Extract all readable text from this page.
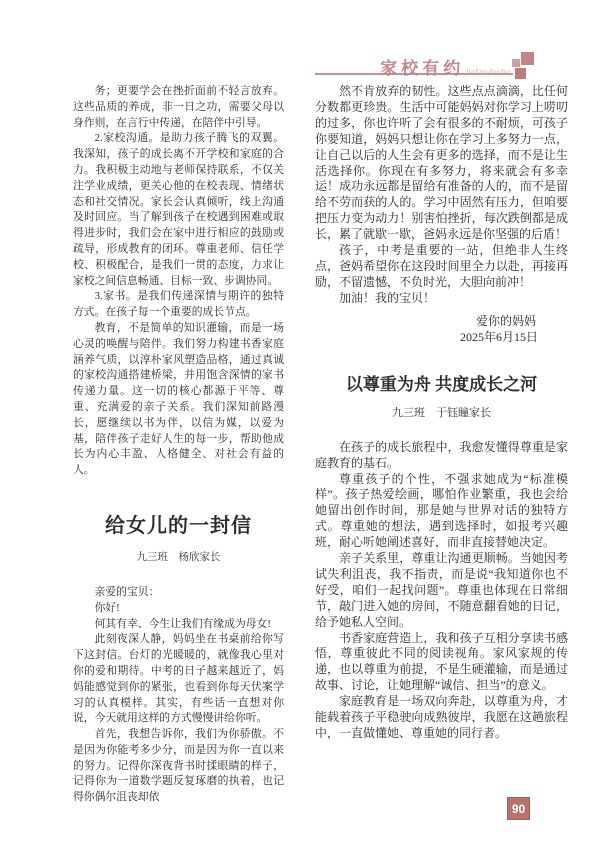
家校有约JiaXiaoYouYue

务；更要学会在挫折面前不轻言放弃。这些品质的养成，非一日之功，需要父母以身作则，在言行中传递，在陪伴中引导。

2.家校沟通。是助力孩子腾飞的双翼。我深知，孩子的成长离不开学校和家庭的合力。我积极主动地与老师保持联系，不仅关注学业成绩，更关心他的在校表现、情绪状态和社交情况。家长会认真倾听，线上沟通及时回应。当了解到孩子在校遇到困难或取得进步时，我们会在家中进行相应的鼓励或疏导，形成教育的闭环。尊重老师、信任学校、积极配合，是我们一贯的态度，力求让家校之间信息畅通、目标一致、步调协同。

3.家书。是我们传递深情与期许的独特方式。在孩子每一个重要的成长节点。

教育，不是简单的知识灌输，而是一场心灵的唤醒与陪伴。我们努力构建书香家庭涵养气质，以淳朴家风塑造品格，通过真诚的家校沟通搭建桥梁，并用饱含深情的家书传递力量。这一切的核心都源于平等、尊重、充满爱的亲子关系。我们深知前路漫长，愿继续以书为伴，以信为媒，以爱为基，陪伴孩子走好人生的每一步，帮助他成长为内心丰盈、人格健全、对社会有益的人。

给女儿的一封信
九三班　杨欣家长

亲爱的宝贝：

你好!

何其有幸、今生让我们有缘成为母女!

此刻夜深人静，妈妈坐在书桌前给你写下这封信。台灯的光暖暖的，就像我心里对你的爱和期待。中考的日子越来越近了，妈妈能感觉到你的紧张，也看到你每天伏案学习的认真模样。其实，有些话一直想对你说，今天就用这样的方式慢慢讲给你听。

首先，我想告诉你，我们为你骄傲。不是因为你能考多少分，而是因为你一直以来的努力。记得你深夜背书时揉眼睛的样子，记得你为一道数学题反复琢磨的执着，也记得你偶尔沮丧却依

然不肯放弃的韧性。这些点点滴滴，比任何分数都更珍贵。生活中可能妈妈对你学习上唠叨的过多，你也许听了会有很多的不耐烦，可孩子你要知道，妈妈只想让你在学习上多努力一点，让自己以后的人生会有更多的选择，而不是让生活选择你。你现在有多努力，将来就会有多幸运！成功永远都是留给有准备的人的，而不是留给不劳而获的人的。学习中固然有压力，但咱要把压力变为动力！别害怕挫折，每次跌倒都是成长，累了就歇一歇，爸妈永远是你坚强的后盾！

孩子，中考是重要的一站，但绝非人生终点，爸妈希望你在这段时间里全力以赴，再接再励，不留遗憾，不负时光，大胆向前冲！

加油！我的宝贝！

爱你的妈妈
2025年6月15日
以尊重为舟 共度成长之河
九三班　于钰瞳家长

在孩子的成长旅程中，我愈发懂得尊重是家庭教育的基石。

尊重孩子的个性，不强求她成为“标准模样”。孩子热爱绘画，哪怕作业繁重，我也会给她留出创作时间，那是她与世界对话的独特方式。尊重她的想法，遇到选择时，如报考兴趣班，耐心听她阐述喜好，而非直接替她决定。

亲子关系里，尊重让沟通更顺畅。当她因考试失利沮丧，我不指责，而是说“我知道你也不好受，咱们一起找问题”。尊重也体现在日常细节，敲门进入她的房间，不随意翻看她的日记，给予她私人空间。

书香家庭营造上，我和孩子互相分享读书感悟，尊重彼此不同的阅读视角。家风家规的传递，也以尊重为前提，不是生硬灌输，而是通过故事、讨论，让她理解“诚信、担当”的意义。

家庭教育是一场双向奔赴，以尊重为舟，才能载着孩子平稳驶向成熟彼岸，我愿在这趟旅程中，一直做懂她、尊重她的同行者。

90
